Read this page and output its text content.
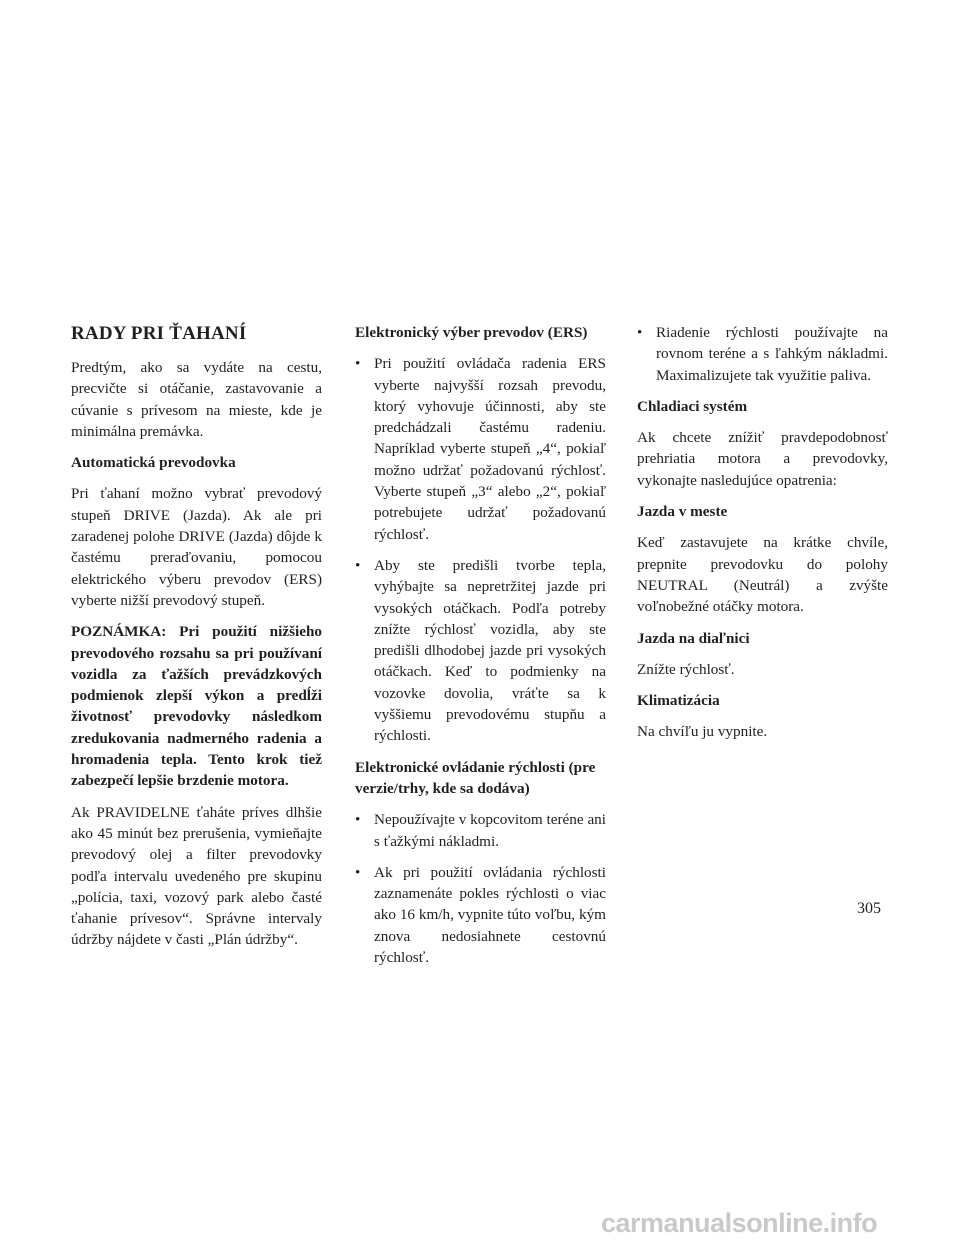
RADY PRI ŤAHANÍ

Predtým, ako sa vydáte na cestu, precvičte si otáčanie, zastavovanie a cúvanie s prívesom na mieste, kde je minimálna premávka.

Automatická prevodovka

Pri ťahaní možno vybrať prevodový stupeň DRIVE (Jazda). Ak ale pri zaradenej polohe DRIVE (Jazda) dôjde k častému preraďovaniu, pomocou elektrického výberu prevodov (ERS) vyberte nižší prevodový stupeň.

POZNÁMKA: Pri použití nižšieho prevodového rozsahu sa pri používaní vozidla za ťažších prevádzkových podmienok zlepší výkon a predĺži životnosť prevodovky následkom zredukovania nadmerného radenia a hromadenia tepla. Tento krok tiež zabezpečí lepšie brzdenie motora.

Ak PRAVIDELNE ťaháte príves dlhšie ako 45 minút bez prerušenia, vymieňajte prevodový olej a filter prevodovky podľa intervalu uvedeného pre skupinu „polícia, taxi, vozový park alebo časté ťahanie prívesov“. Správne intervaly údržby nájdete v časti „Plán údržby“.

Elektronický výber prevodov (ERS)

• Pri použití ovládača radenia ERS vyberte najvyšší rozsah prevodu, ktorý vyhovuje účinnosti, aby ste predchádzali častému radeniu. Napríklad vyberte stupeň „4“, pokiaľ možno udržať požadovanú rýchlosť. Vyberte stupeň „3“ alebo „2“, pokiaľ potrebujete udržať požadovanú rýchlosť.
• Aby ste predišli tvorbe tepla, vyhýbajte sa nepretržitej jazde pri vysokých otáčkach. Podľa potreby znížte rýchlosť vozidla, aby ste predišli dlhodobej jazde pri vysokých otáčkach. Keď to podmienky na vozovke dovolia, vráťte sa k vyššiemu prevodovému stupňu a rýchlosti.

Elektronické ovládanie rýchlosti (pre verzie/trhy, kde sa dodáva)

• Nepoužívajte v kopcovitom teréne ani s ťažkými nákladmi.
• Ak pri použití ovládania rýchlosti zaznamenáte pokles rýchlosti o viac ako 16 km/h, vypnite túto voľbu, kým znova nedosiahnete cestovnú rýchlosť.
• Riadenie rýchlosti používajte na rovnom teréne a s ľahkým nákladmi. Maximalizujete tak využitie paliva.

Chladiaci systém

Ak chcete znížiť pravdepodobnosť prehriatia motora a prevodovky, vykonajte nasledujúce opatrenia:

Jazda v meste

Keď zastavujete na krátke chvíle, prepnite prevodovku do polohy NEUTRAL (Neutrál) a zvýšte voľnobežné otáčky motora.

Jazda na diaľnici

Znížte rýchlosť.

Klimatizácia

Na chvíľu ju vypnite.

305
carmanualsonline.info
